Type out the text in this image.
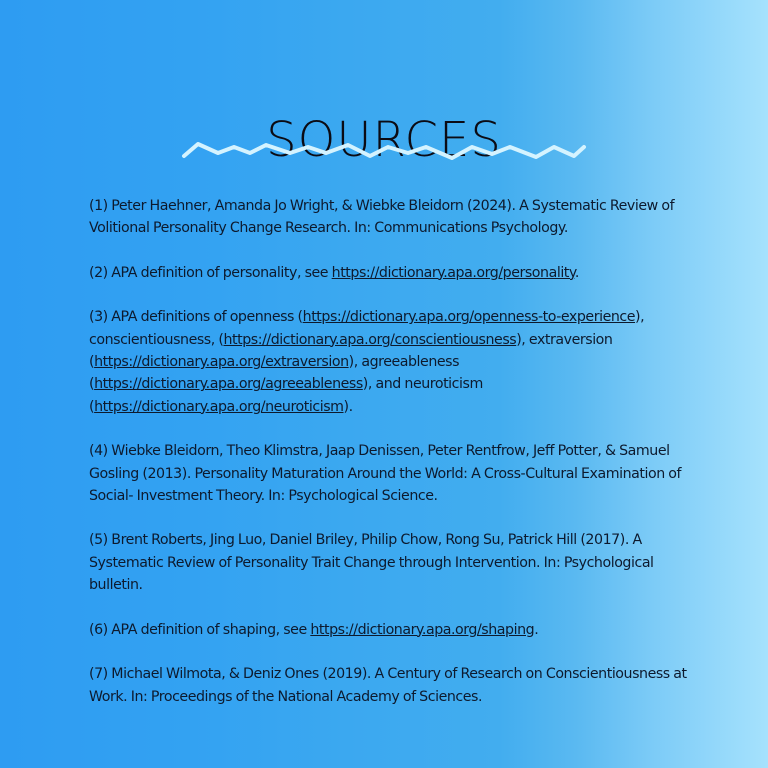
SOURCES

(1) Peter Haehner, Amanda Jo Wright, & Wiebke Bleidorn (2024). A Systematic Review of Volitional Personality Change Research. In: Communications Psychology.

(2) APA definition of personality, see https://dictionary.apa.org/personality.

(3) APA definitions of openness (https://dictionary.apa.org/openness-to-experience), conscientiousness, (https://dictionary.apa.org/conscientiousness), extraversion (https://dictionary.apa.org/extraversion), agreeableness (https://dictionary.apa.org/agreeableness), and neuroticism (https://dictionary.apa.org/neuroticism).

(4) Wiebke Bleidorn, Theo Klimstra, Jaap Denissen, Peter Rentfrow, Jeff Potter, & Samuel Gosling (2013). Personality Maturation Around the World: A Cross-Cultural Examination of Social- Investment Theory. In: Psychological Science.

(5) Brent Roberts, Jing Luo, Daniel Briley, Philip Chow, Rong Su, Patrick Hill (2017). A Systematic Review of Personality Trait Change through Intervention. In: Psychological bulletin.

(6) APA definition of shaping, see https://dictionary.apa.org/shaping.

(7) Michael Wilmota, & Deniz Ones (2019). A Century of Research on Conscientiousness at Work. In: Proceedings of the National Academy of Sciences.
